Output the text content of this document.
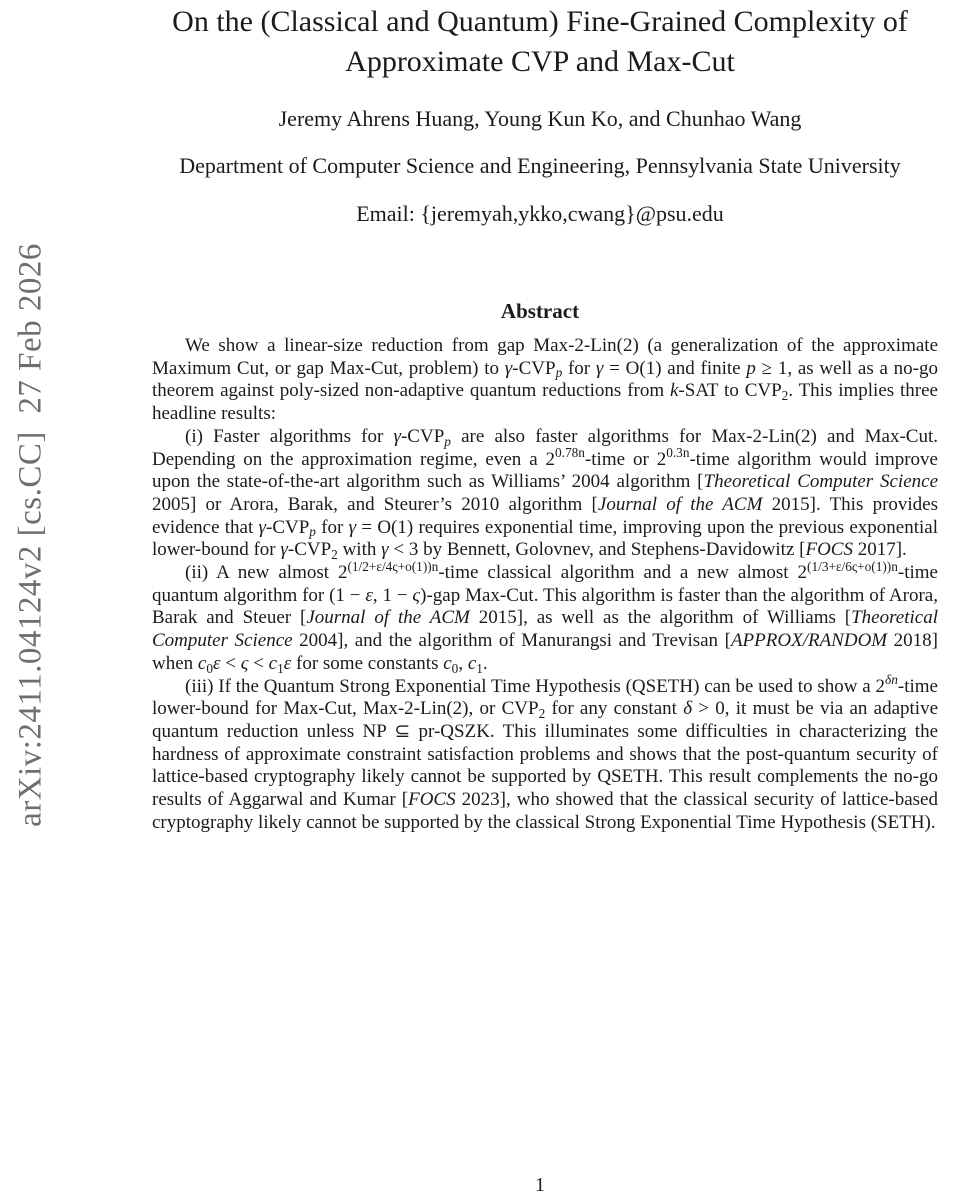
arXiv:2411.04124v2 [cs.CC]  27 Feb 2026
On the (Classical and Quantum) Fine-Grained Complexity of
Approximate CVP and Max-Cut
Jeremy Ahrens Huang, Young Kun Ko, and Chunhao Wang
Department of Computer Science and Engineering, Pennsylvania State University
Email: {jeremyah,ykko,cwang}@psu.edu
Abstract

We show a linear-size reduction from gap Max-2-Lin(2) (a generalization of the approximate Maximum Cut, or gap Max-Cut, problem) to $\gamma-CVP_p$ for γ = O(1) and finite p ≥ 1, as well as a no-go theorem against poly-sized non-adaptive quantum reductions from k-SAT to $CVP_2$. This implies three headline results:

(i) Faster algorithms for $\gamma-CVP_p$ are also faster algorithms for Max-2-Lin(2) and Max-Cut. Depending on the approximation regime, even a $2^{0.78n}$-time or $2^{0.3n}$-time algorithm would improve upon the state-of-the-art algorithm such as Williams’ 2004 algorithm [Theoretical Computer Science 2005] or Arora, Barak, and Steurer’s 2010 algorithm [Journal of the ACM 2015]. This provides evidence that $\gamma-CVP_p$ for γ = O(1) requires exponential time, improving upon the previous exponential lower-bound for $\gamma-CVP_2$ with γ < 3 by Bennett, Golovnev, and Stephens-Davidowitz [FOCS 2017].

(ii) A new almost $2^{(1/2+\varepsilon/4\varsigma+o(1))n}$-time classical algorithm and a new almost $2^{(1/3+\varepsilon/6\varsigma+o(1))n}$-time quantum algorithm for (1 − ε, 1 − ς)-gap Max-Cut. This algorithm is faster than the algorithm of Arora, Barak and Steuer [Journal of the ACM 2015], as well as the algorithm of Williams [Theoretical Computer Science 2004], and the algorithm of Manurangsi and Trevisan [APPROX/RANDOM 2018] when $c_0\varepsilon < \varsigma < c_1\varepsilon$ for some constants $c_0$, $c_1$.

(iii) If the Quantum Strong Exponential Time Hypothesis (QSETH) can be used to show a $2^{\delta n}$-time lower-bound for Max-Cut, Max-2-Lin(2), or $CVP_2$ for any constant δ > 0, it must be via an adaptive quantum reduction unless NP ⊆ pr-QSZK. This illuminates some difficulties in characterizing the hardness of approximate constraint satisfaction problems and shows that the post-quantum security of lattice-based cryptography likely cannot be supported by QSETH. This result complements the no-go results of Aggarwal and Kumar [FOCS 2023], who showed that the classical security of lattice-based cryptography likely cannot be supported by the classical Strong Exponential Time Hypothesis (SETH).

1
